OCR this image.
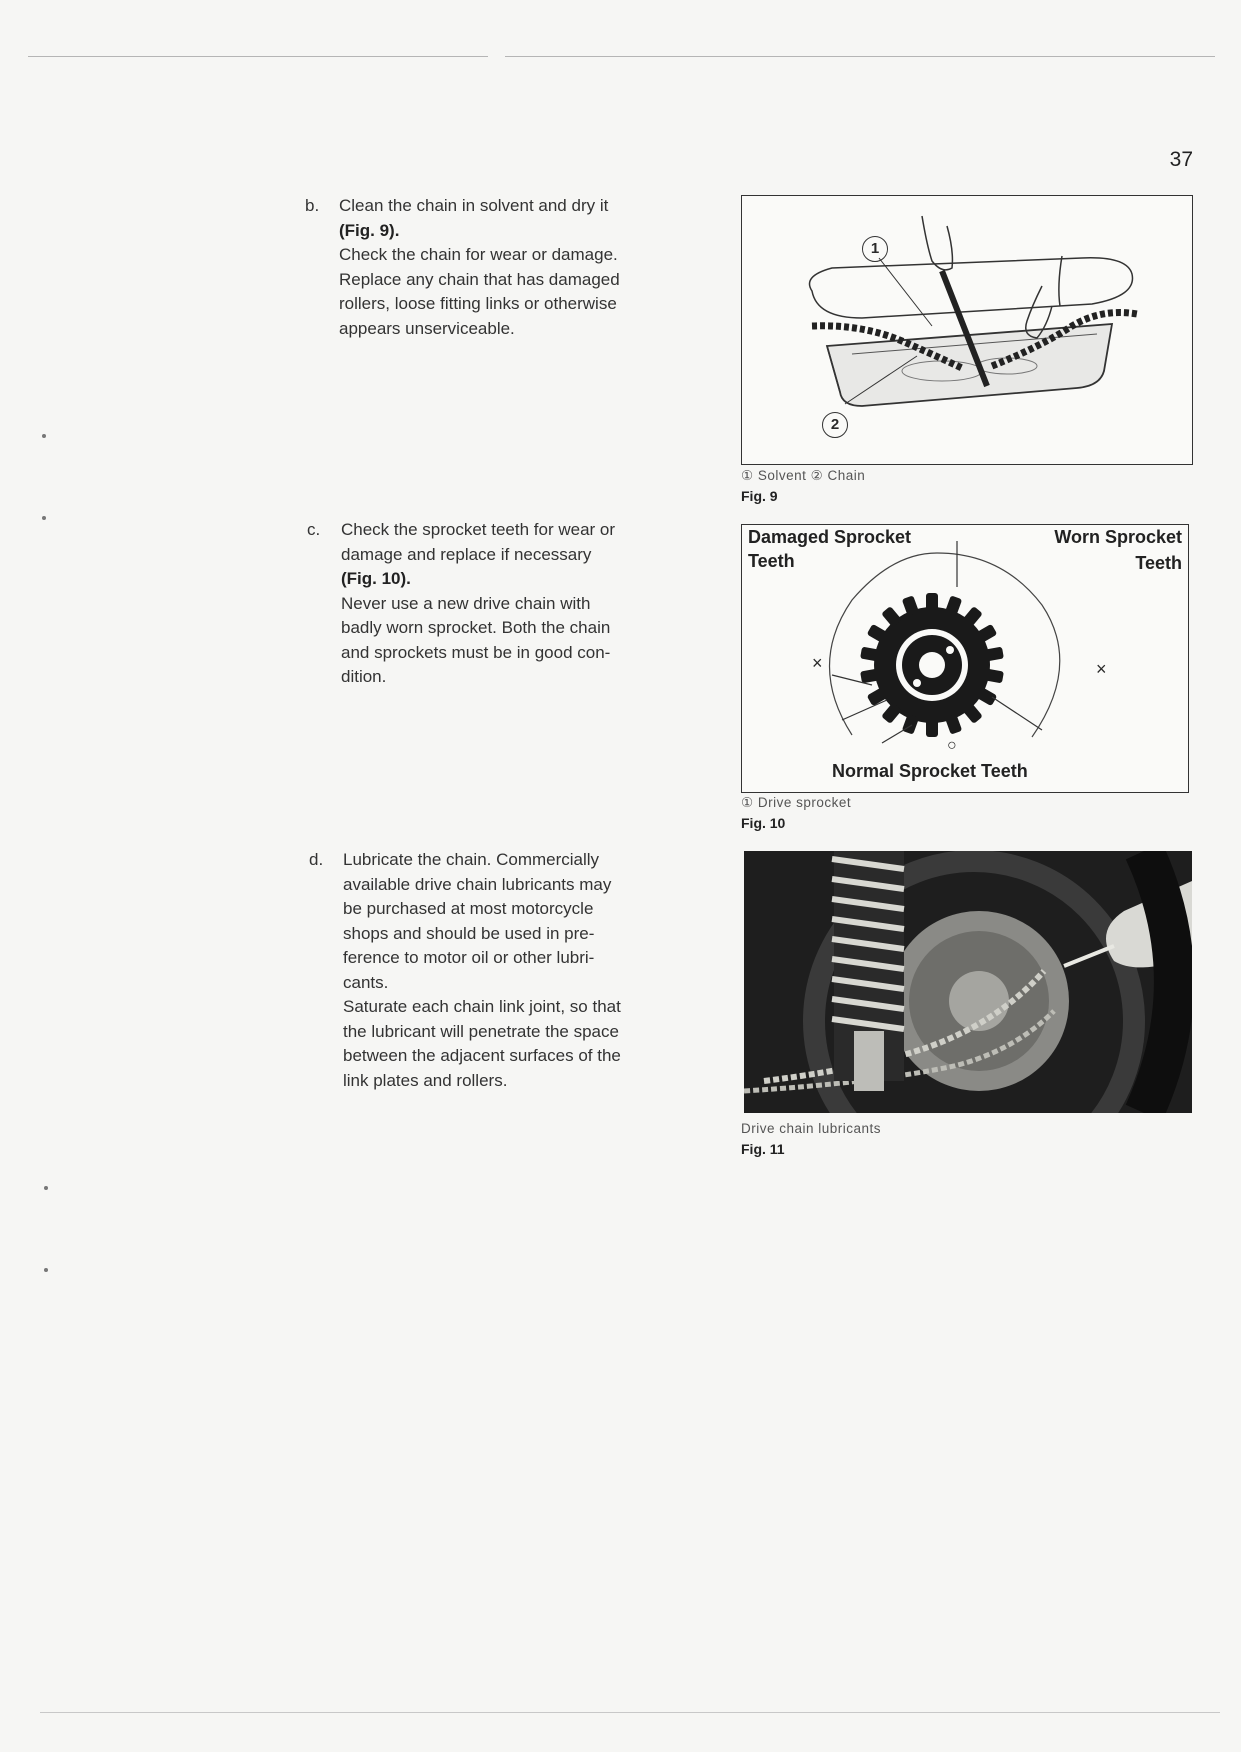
37
b. Clean the chain in solvent and dry it

(Fig. 9).

Check the chain for wear or damage.

Replace any chain that has damaged

rollers, loose fitting links or otherwise

appears unserviceable.

c. Check the sprocket teeth for wear or

damage and replace if necessary

(Fig. 10).

Never use a new drive chain with

badly worn sprocket. Both the chain

and sprockets must be in good con-

dition.

d. Lubricate the chain. Commercially

available drive chain lubricants may

be purchased at most motorcycle

shops and should be used in pre-

ference to motor oil or other lubri-

cants.

Saturate each chain link joint, so that

the lubricant will penetrate the space

between the adjacent surfaces of the

link plates and rollers.

1
2
① Solvent ② Chain
Fig. 9
Damaged Sprocket
Teeth
Worn Sprocket
Teeth
Normal Sprocket Teeth
×	×
○
① Drive sprocket
Fig. 10
Drive chain lubricants
Fig. 11
